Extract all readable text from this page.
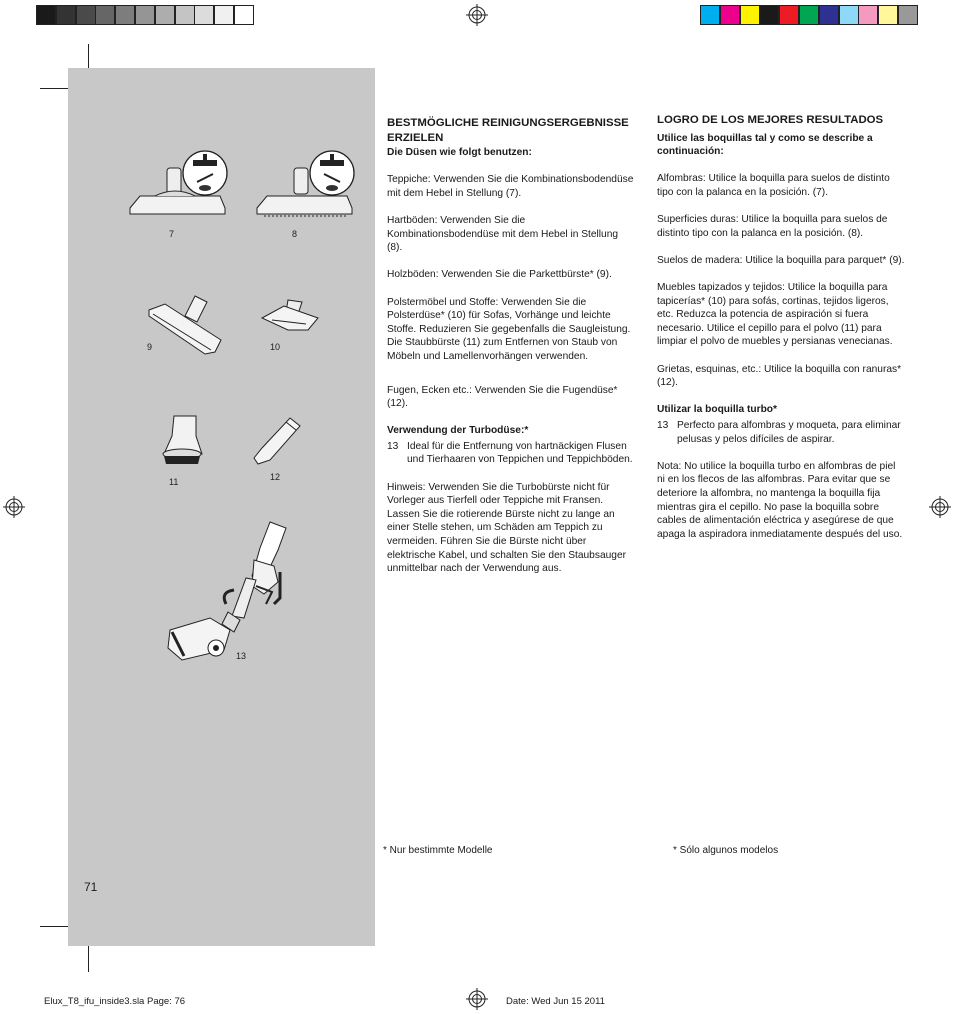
7	8
9	10
11	12
13

BESTMÖGLICHE REINIGUNGSERGEBNISSE ERZIELEN

Die Düsen wie folgt benutzen:

Teppiche: Verwenden Sie die Kombinationsbodendüse mit dem Hebel in Stellung (7).

Hartböden: Verwenden Sie die Kombinationsbodendüse mit dem Hebel in Stellung (8).

Holzböden: Verwenden Sie die Parkettbürste* (9).

Polstermöbel und Stoffe: Verwenden Sie die Polsterdüse* (10) für Sofas, Vorhänge und leichte Stoffe. Reduzieren Sie gegebenfalls die Saugleistung. Die Staubbürste (11) zum Entfernen von Staub von Möbeln und Lamellenvorhängen verwenden.

Fugen, Ecken etc.: Verwenden Sie die Fugendüse* (12).

Verwendung der Turbodüse:*

13 Ideal für die Entfernung von hartnäckigen Flusen und Tierhaaren von Teppichen und Teppichböden.

Hinweis: Verwenden Sie die Turbobürste nicht für Vorleger aus Tierfell oder Teppiche mit Fransen. Lassen Sie die rotierende Bürste nicht zu lange an einer Stelle stehen, um Schäden am Teppich zu vermeiden. Führen Sie die Bürste nicht über elektrische Kabel, und schalten Sie den Staubsauger unmittelbar nach der Verwendung aus.

LOGRO DE LOS MEJORES RESULTADOS

Utilice las boquillas tal y como se describe a continuación:

Alfombras: Utilice la boquilla para suelos de distinto tipo con la palanca en la posición. (7).

Superficies duras: Utilice la boquilla para suelos de distinto tipo con la palanca en la posición. (8).

Suelos de madera: Utilice la boquilla para parquet* (9).

Muebles tapizados y tejidos: Utilice la boquilla para tapicerías* (10) para sofás, cortinas, tejidos ligeros, etc. Reduzca la potencia de aspiración si fuera necesario. Utilice el cepillo para el polvo (11) para limpiar el polvo de muebles y persianas venecianas.

Grietas, esquinas, etc.: Utilice la boquilla con ranuras* (12).

Utilizar la boquilla turbo*

13 Perfecto para alfombras y moqueta, para eliminar pelusas y pelos difíciles de aspirar.

Nota: No utilice la boquilla turbo en alfombras de piel ni en los flecos de las alfombras. Para evitar que se deteriore la alfombra, no mantenga la boquilla fija mientras gira el cepillo. No pase la boquilla sobre cables de alimentación eléctrica y asegúrese de que apaga la aspiradora inmediatamente después del uso.

* Nur bestimmte Modelle	* Sólo algunos modelos
71
Elux_T8_ifu_inside3.sla Page: 76	Date: Wed Jun 15 2011
